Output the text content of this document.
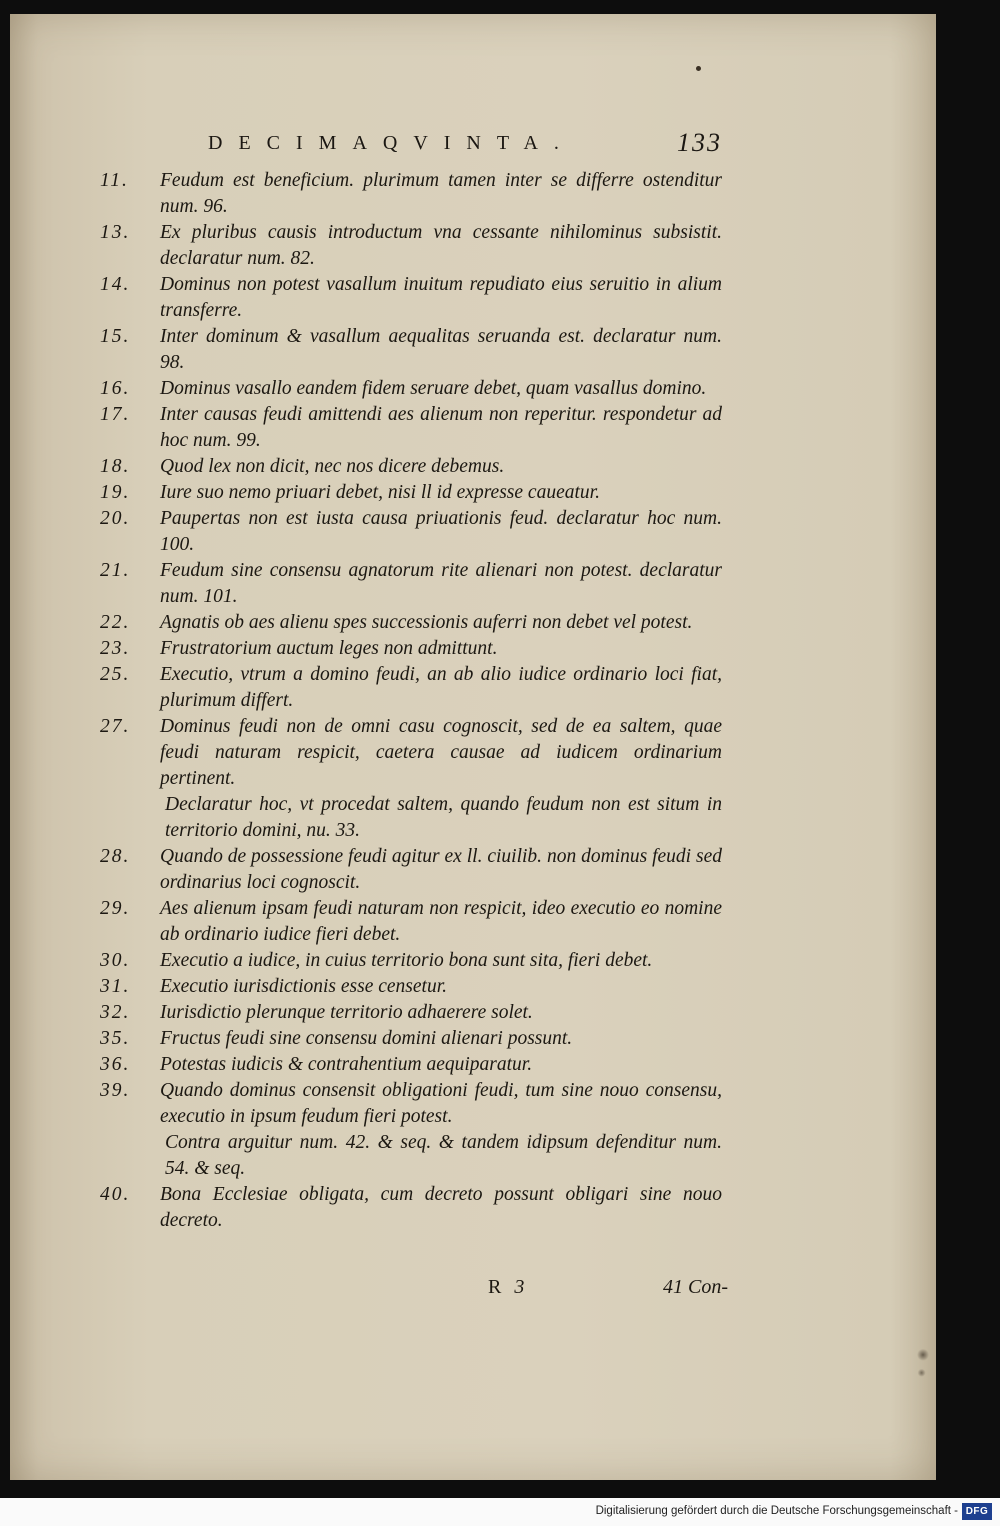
DECIMAQVINTA.	133
11.	Feudum est beneficium. plurimum tamen inter se differre ostenditur num. 96.
13.	Ex pluribus causis introductum vna cessante nihilominus subsistit. declaratur num. 82.
14.	Dominus non potest vasallum inuitum repudiato eius seruitio in alium transferre.
15.	Inter dominum & vasallum aequalitas seruanda est. declaratur num. 98.
16.	Dominus vasallo eandem fidem seruare debet, quam vasallus domino.
17.	Inter causas feudi amittendi aes alienum non reperitur. respondetur ad hoc num. 99.
18.	Quod lex non dicit, nec nos dicere debemus.
19.	Iure suo nemo priuari debet, nisi ll id expresse caueatur.
20.	Paupertas non est iusta causa priuationis feud. declaratur hoc num. 100.
21.	Feudum sine consensu agnatorum rite alienari non potest. declaratur num. 101.
22.	Agnatis ob aes alienu spes successionis auferri non debet vel potest.
23.	Frustratorium auctum leges non admittunt.
25.	Executio, vtrum a domino feudi, an ab alio iudice ordinario loci fiat, plurimum differt.
27.	Dominus feudi non de omni casu cognoscit, sed de ea saltem, quae feudi naturam respicit, caetera causae ad iudicem ordinarium pertinent.
Declaratur hoc, vt procedat saltem, quando feudum non est situm in territorio domini, nu. 33.
28.	Quando de possessione feudi agitur ex ll. ciuilib. non dominus feudi sed ordinarius loci cognoscit.
29.	Aes alienum ipsam feudi naturam non respicit, ideo executio eo nomine ab ordinario iudice fieri debet.
30.	Executio a iudice, in cuius territorio bona sunt sita, fieri debet.
31.	Executio iurisdictionis esse censetur.
32.	Iurisdictio plerunque territorio adhaerere solet.
35.	Fructus feudi sine consensu domini alienari possunt.
36.	Potestas iudicis & contrahentium aequiparatur.
39.	Quando dominus consensit obligationi feudi, tum sine nouo consensu, executio in ipsum feudum fieri potest.
Contra arguitur num. 42. & seq. & tandem idipsum defenditur num. 54. & seq.
40.	Bona Ecclesiae obligata, cum decreto possunt obligari sine nouo decreto.
R 3	41 Con-
Digitalisierung gefördert durch die Deutsche Forschungsgemeinschaft - DFG
